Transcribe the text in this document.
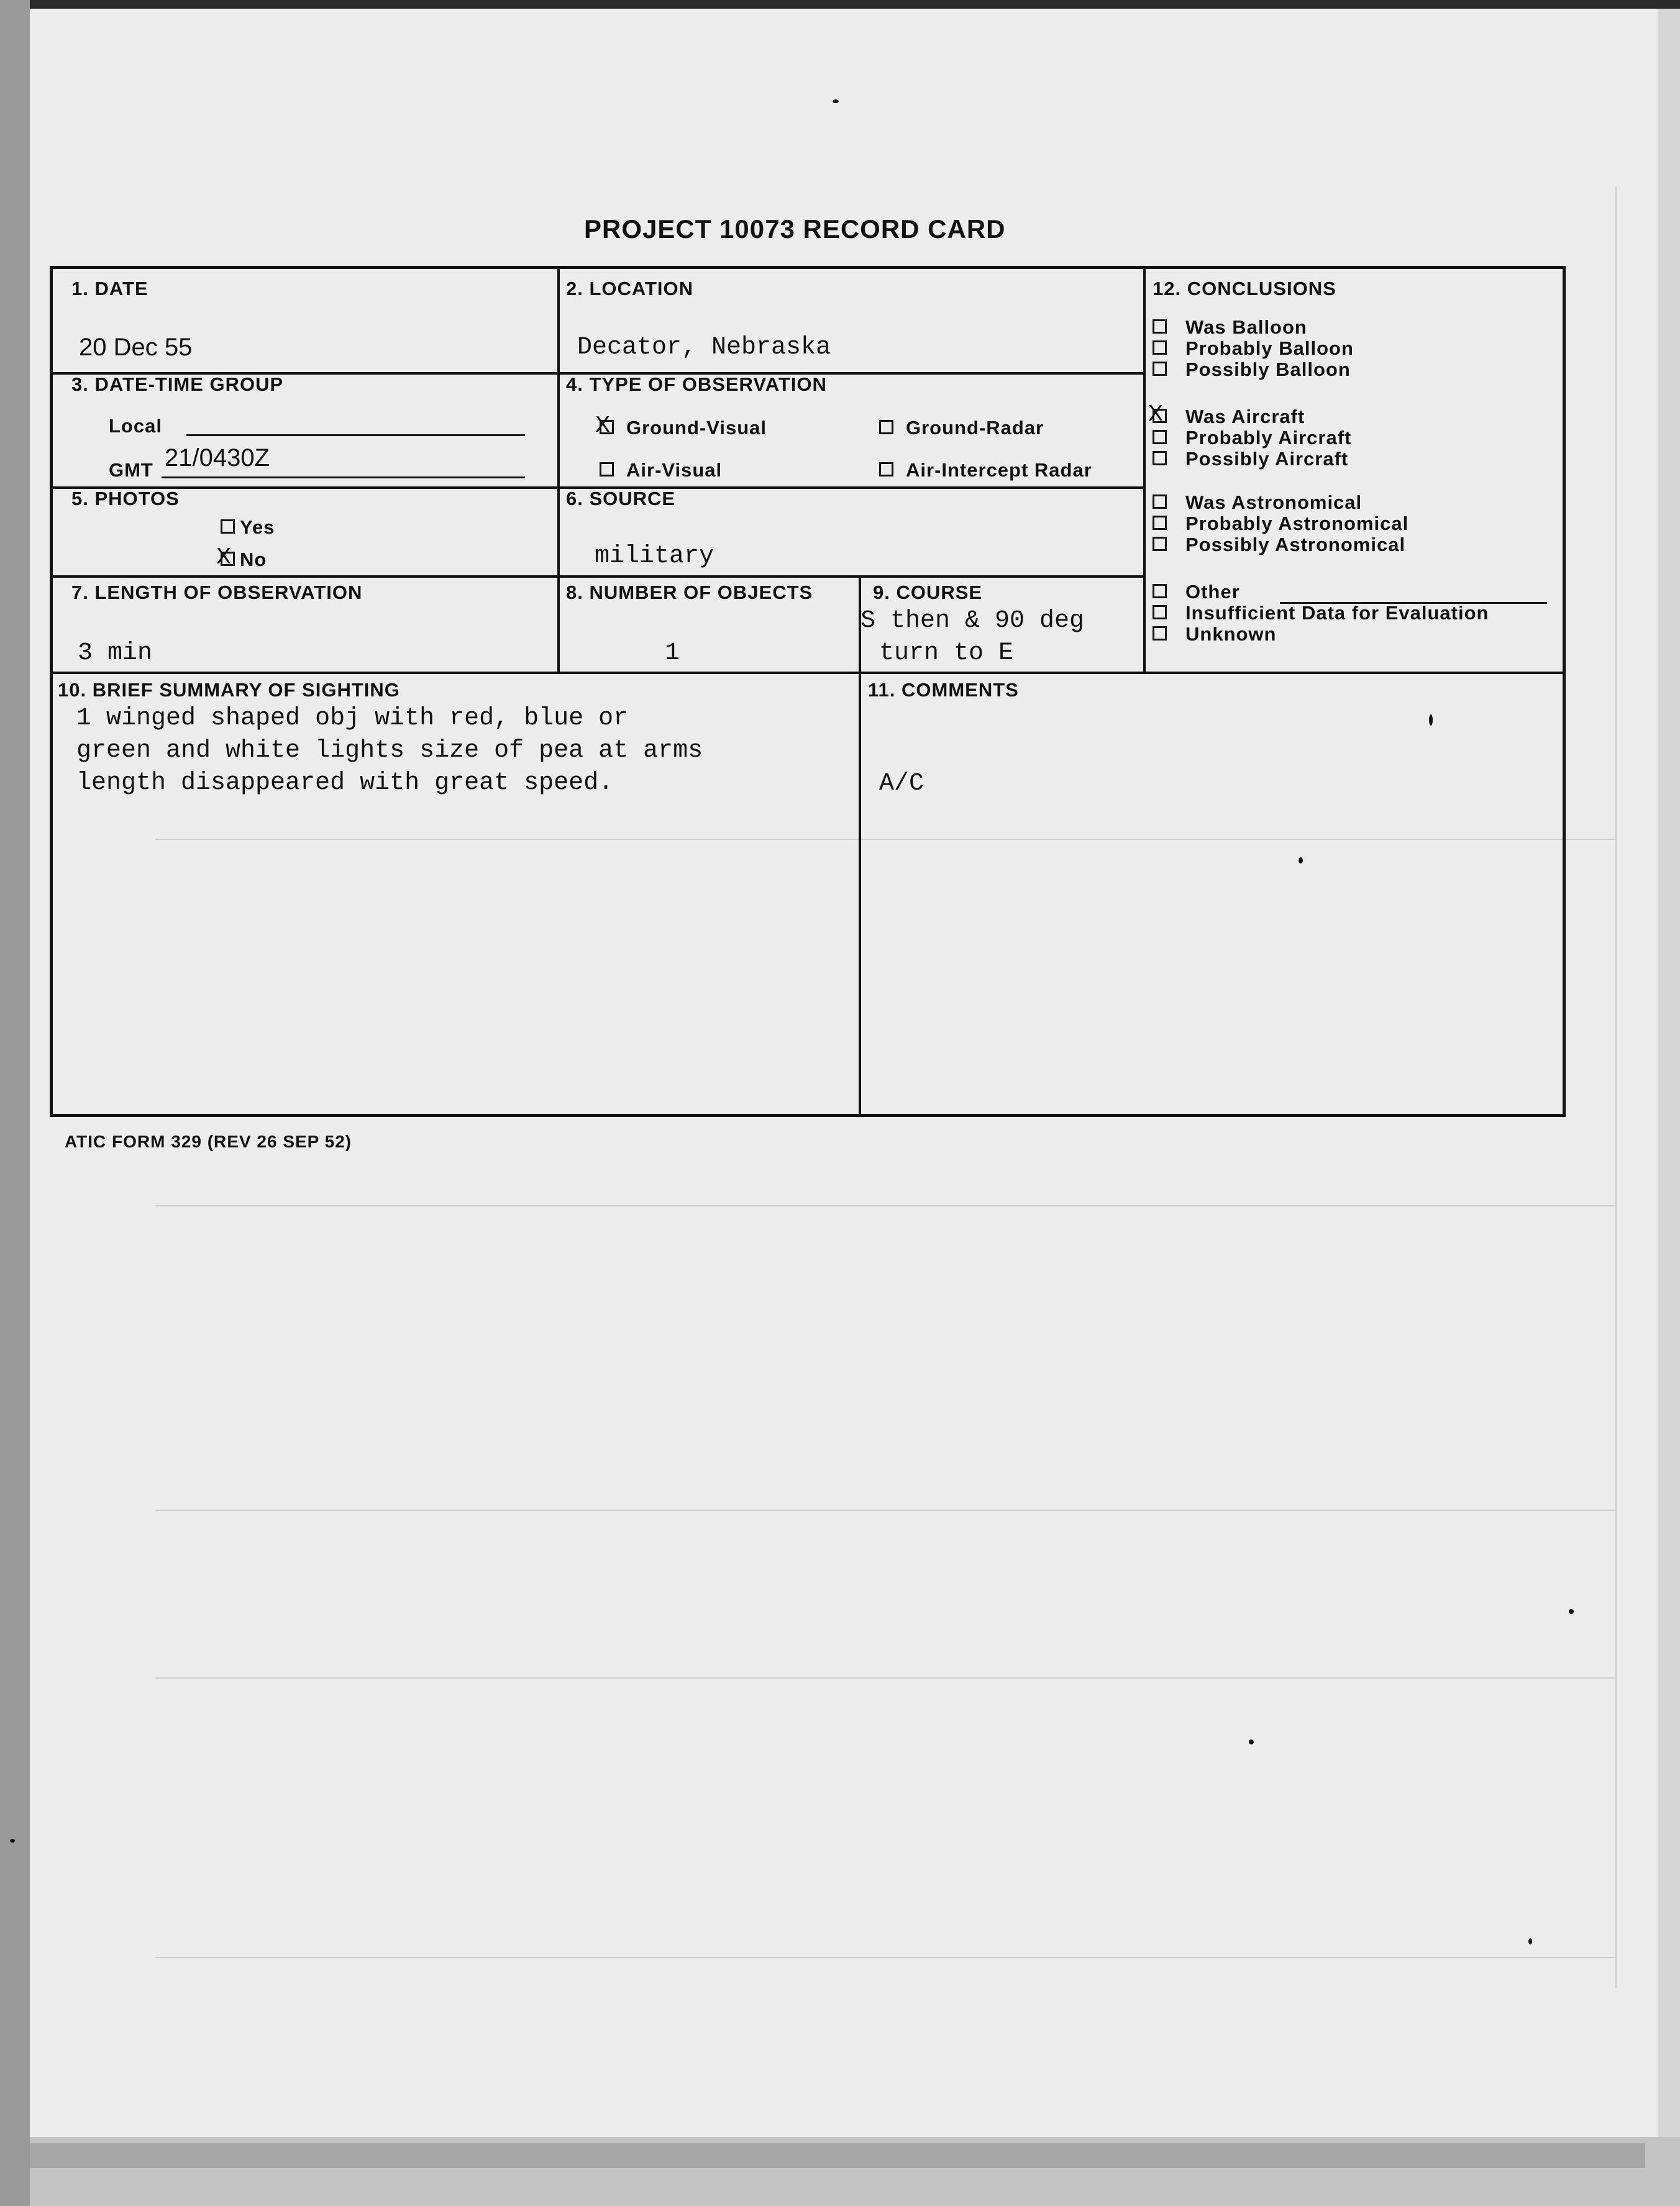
PROJECT 10073 RECORD CARD
1. DATE
20 Dec 55
2. LOCATION
Decator, Nebraska
3. DATE-TIME GROUP
Local
GMT 21/0430Z
4. TYPE OF OBSERVATION
XGround-Visual	Ground-Radar
Air-Visual	Air-Intercept Radar
5. PHOTOS
Yes
XNo
6. SOURCE
military
7. LENGTH OF OBSERVATION
3 min
8. NUMBER OF OBJECTS
1
9. COURSE
S then & 90 deg
turn to E
12. CONCLUSIONS
Was Balloon
Probably Balloon
Possibly Balloon
XWas Aircraft
Probably Aircraft
Possibly Aircraft
Was Astronomical
Probably Astronomical
Possibly Astronomical
Other
Insufficient Data for Evaluation
Unknown
10. BRIEF SUMMARY OF SIGHTING
1 winged shaped obj with red, blue or
green and white lights size of pea at arms
length disappeared with great speed.
11. COMMENTS
A/C
ATIC FORM 329 (REV 26 SEP 52)
